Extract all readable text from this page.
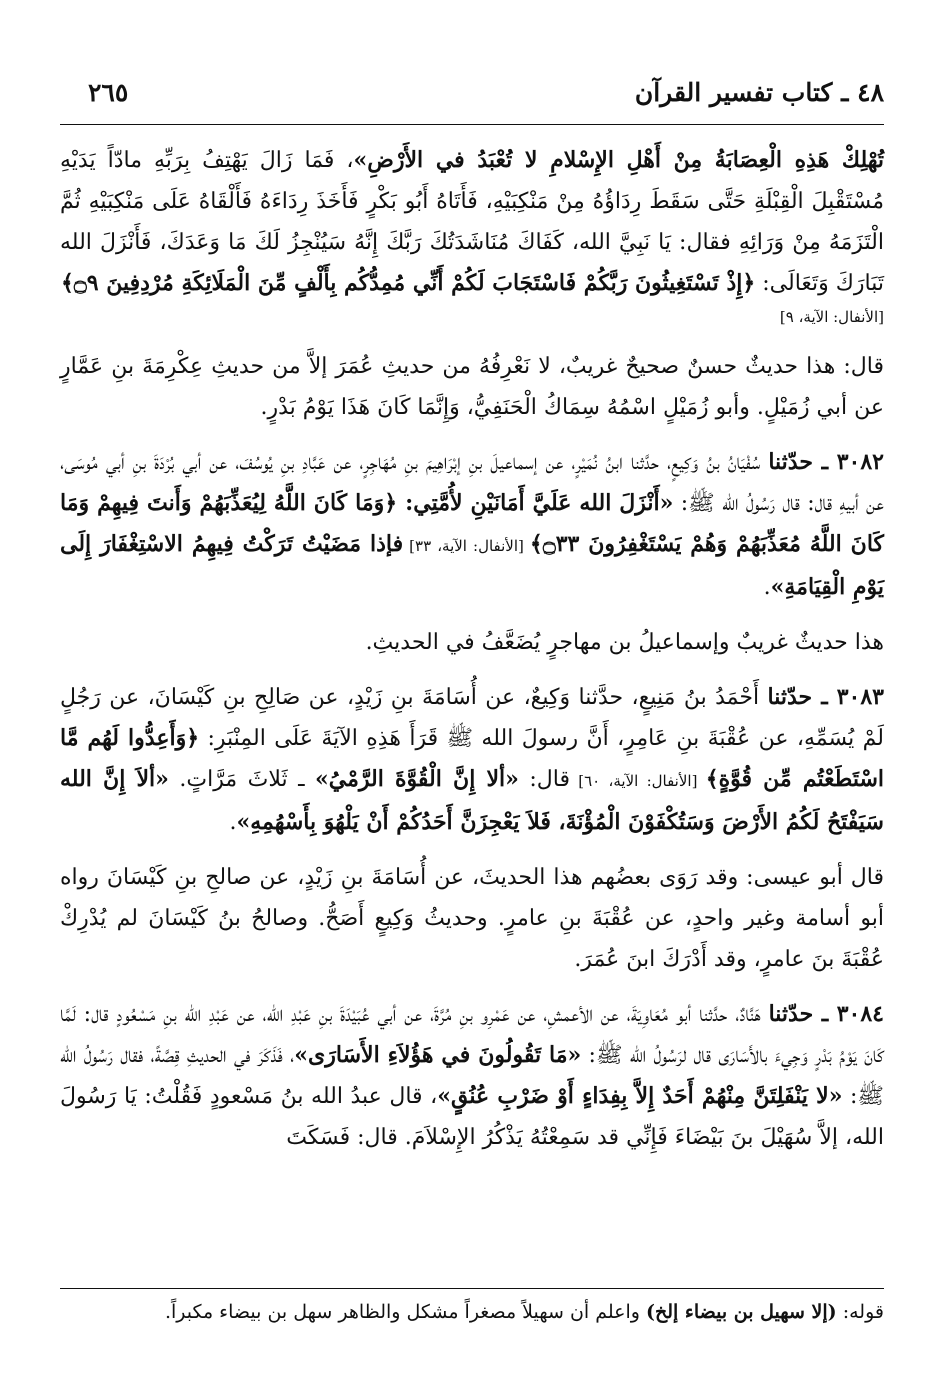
٤٨ ـ كتاب تفسير القرآن
٢٦٥

تُهْلِكْ هَذِهِ الْعِصَابَةُ مِنْ أَهْلِ الإِسْلامِ لا تُعْبَدُ في الأَرْضِ»، فَمَا زَالَ يَهْتِفُ بِرَبِّهِ مادّاً يَدَيْهِ مُسْتَقْبِلَ الْقِبْلَةِ حَتَّى سَقَطَ رِدَاؤُهُ مِنْ مَنْكِبَيْهِ، فَأَتَاهُ أَبُو بَكْرٍ فَأَخَذَ رِدَاءَهُ فَأَلْقَاهُ عَلَى مَنْكِبَيْهِ ثُمَّ الْتَزَمَهُ مِنْ وَرَائِهِ فقال: يَا نَبِيَّ الله، كَفَاكَ مُنَاشَدَتُكَ رَبَّكَ إِنَّهُ سَيُنْجِزُ لَكَ مَا وَعَدَكَ، فَأَنْزَلَ الله تَبَارَكَ وَتَعَالَى: ﴿إِذْ تَسْتَغِيثُونَ رَبَّكُمْ فَاسْتَجَابَ لَكُمْ أَنِّي مُمِدُّكُم بِأَلْفٍ مِّنَ الْمَلَائِكَةِ مُرْدِفِينَ ۝٩﴾

[الأنفال: الآية، ٩]

قال: هذا حديثٌ حسنٌ صحيحٌ غريبٌ، لا نَعْرِفُهُ من حديثِ عُمَرَ إلاَّ من حديثِ عِكْرِمَةَ بنِ عَمَّارٍ عن أبي زُمَيْلٍ. وأبو زُمَيْلٍ اسْمُهُ سِمَاكُ الْحَنَفِيُّ، وَإِنَّمَا كَانَ هَذَا يَوْمُ بَدْرٍ.

٣٠٨٢ ـ حدّثنا سُفْيَانُ بنُ وَكِيعٍ، حدَّثنا ابنُ نُمَيْرٍ، عن إسماعيلَ بنِ إبْرَاهِيمَ بنِ مُهَاجِرٍ، عن عَبَّادِ بنِ يُوسُفَ، عن أبي بُرْدَةَ بنِ أبي مُوسَى، عن أبيهِ قال: قال رَسُولُ الله ﷺ: «أَنْزَلَ الله عَلَيَّ أَمَانَيْنِ لأُمَّتِي: ﴿وَمَا كَانَ اللَّهُ لِيُعَذِّبَهُمْ وَأَنتَ فِيهِمْ وَمَا كَانَ اللَّهُ مُعَذِّبَهُمْ وَهُمْ يَسْتَغْفِرُونَ ۝٣٣﴾ [الأنفال: الآية، ٣٣] فإذا مَضَيْتُ تَرَكْتُ فِيهِمُ الاسْتِغْفَارَ إِلَى يَوْمِ الْقِيَامَةِ».

هذا حديثٌ غريبٌ وإسماعيلُ بن مهاجرٍ يُضَعَّفُ في الحديثِ.

٣٠٨٣ ـ حدّثنا أَحْمَدُ بنُ مَنِيعٍ، حدَّثنا وَكِيعٌ، عن أُسَامَةَ بنِ زَيْدٍ، عن صَالِحِ بنِ كَيْسَانَ، عن رَجُلٍ لَمْ يُسَمِّهِ، عن عُقْبَةَ بنِ عَامِرٍ، أَنَّ رسولَ الله ﷺ قَرَأَ هَذِهِ الآيَةَ عَلَى المِنْبَرِ: ﴿وَأَعِدُّوا لَهُم مَّا اسْتَطَعْتُم مِّن قُوَّةٍ﴾ [الأنفال: الآية، ٦٠] قال: «ألا إِنَّ الْقُوَّةَ الرَّمْيُ» ـ ثَلاثَ مَرَّاتٍ. «ألاَ إِنَّ الله سَيَفْتَحُ لَكُمُ الأَرْضَ وَسَتُكْفَوْنَ الْمُؤْنَةَ، فَلاَ يَعْجِزَنَّ أَحَدُكُمْ أَنْ يَلْهُوَ بِأَسْهُمِهِ».

قال أبو عيسى: وقد رَوَى بعضُهم هذا الحديثَ، عن أُسَامَةَ بنِ زَيْدٍ، عن صالحِ بنِ كَيْسَانَ رواه أبو أسامة وغير واحدٍ، عن عُقْبَةَ بنِ عامرٍ. وحديثُ وَكِيعٍ أَصَحُّ. وصالحُ بنُ كَيْسَانَ لم يُدْرِكْ عُقْبَةَ بنَ عامرٍ، وقد أَدْرَكَ ابنَ عُمَرَ.

٣٠٨٤ ـ حدّثنا هَنَّادٌ، حدَّثنا أبو مُعَاوِيَةَ، عن الأعمشِ، عن عَمْرِو بنِ مُرَّةَ، عن أبي عُبَيْدَةَ بنِ عَبْدِ الله، عن عَبْدِ الله بنِ مَسْعُودٍ قال: لَمَّا كَانَ يَوْمُ بَدْرٍ وَجِيءَ بالأَسَارَى قال لرَسُولُ الله ﷺ: «مَا تَقُولُونَ في هَؤُلاَءِ الأَسَارَى»، فَذَكَرَ في الحديثِ قِصَّةً، فقال رَسُولُ الله ﷺ: «لا يَنْفَلِتَنَّ مِنْهُمْ أَحَدٌ إِلاَّ بِفِدَاءٍ أَوْ ضَرْبِ عُنُقٍ»، قال عبدُ الله بنُ مَسْعودٍ فَقُلْتُ: يَا رَسُولَ الله، إلاَّ سُهَيْلَ بنَ بَيْضَاءَ فَإِنِّي قد سَمِعْتُهُ يَذْكُرُ الإِسْلاَمَ. قال: فَسَكَتَ

قوله: (إلا سهيل بن بيضاء إلخ) واعلم أن سهيلاً مصغراً مشكل والظاهر سهل بن بيضاء مكبراً.
